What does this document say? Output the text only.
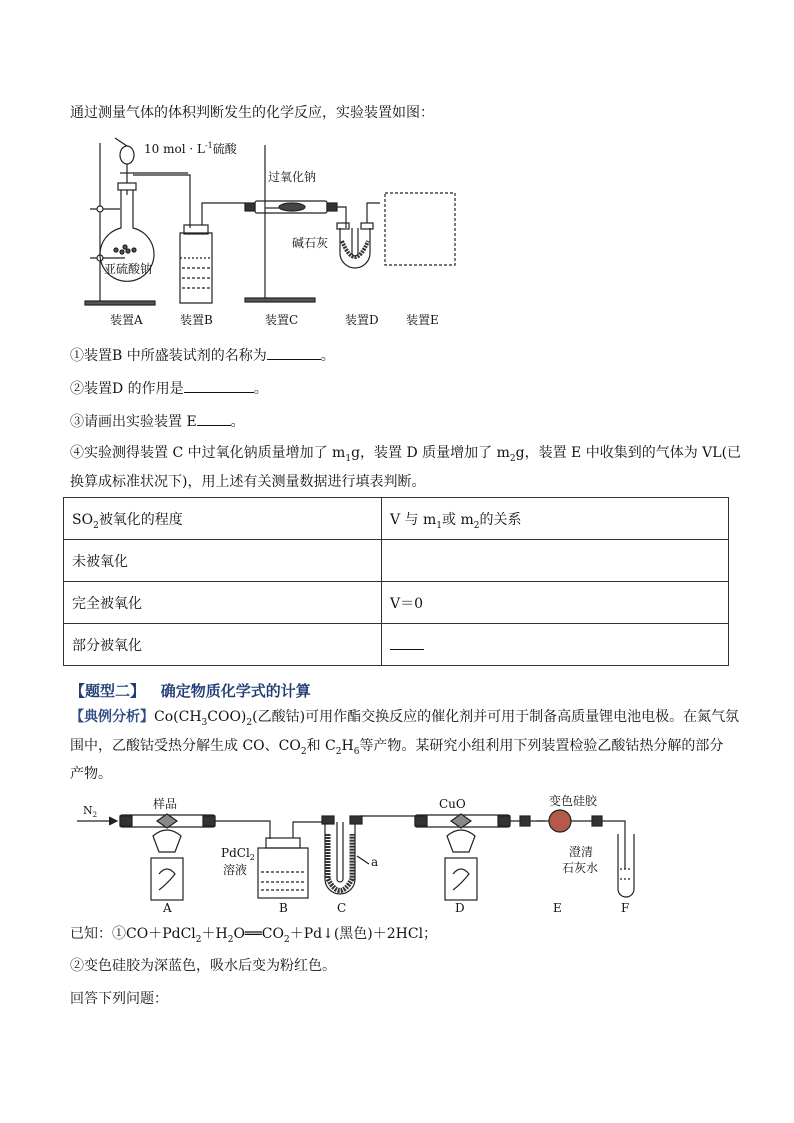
通过测量气体的体积判断发生的化学反应，实验装置如图：
10 mol · $L^{-1}$硫酸
亚硫酸钠
过氧化钠
碱石灰
装置A	装置B	装置C	装置D 装置E
①装置B 中所盛装试剂的名称为	。
②装置D 的作用是	。
③请画出实验装置 E 。
④实验测得装置 C 中过氧化钠质量增加了 $m_1g$，装置 D 质量增加了 $m_2g$，装置 E 中收集到的气体为 VL(已
换算成标准状况下)，用上述有关测量数据进行填表判断。
$SO_2$被氧化的程度	V 与 $m_1$或 $m_2$的关系
未被氧化	
完全被氧化	V＝0
部分被氧化	
【题型二】 确定物质化学式的计算
【典例分析】$Co(CH_3COO)_2$(乙酸钴)可用作酯交换反应的催化剂并可用于制备高质量锂电池电极。在氮气氛
围中，乙酸钴受热分解生成 CO、$CO_2$和 $C_2H_6$等产物。某研究小组利用下列装置检验乙酸钴热分解的部分
产物。
$N_2$
样品
PdCl$_2$
溶液
a
CuO	变色硅胶
澄清
石灰水
A	B	C	D	E	F
已知：$①CO+PdCl_2+H_2O══CO_2+Pd↓$(黑色)＋2HCl；
②变色硅胶为深蓝色，吸水后变为粉红色。
回答下列问题：
